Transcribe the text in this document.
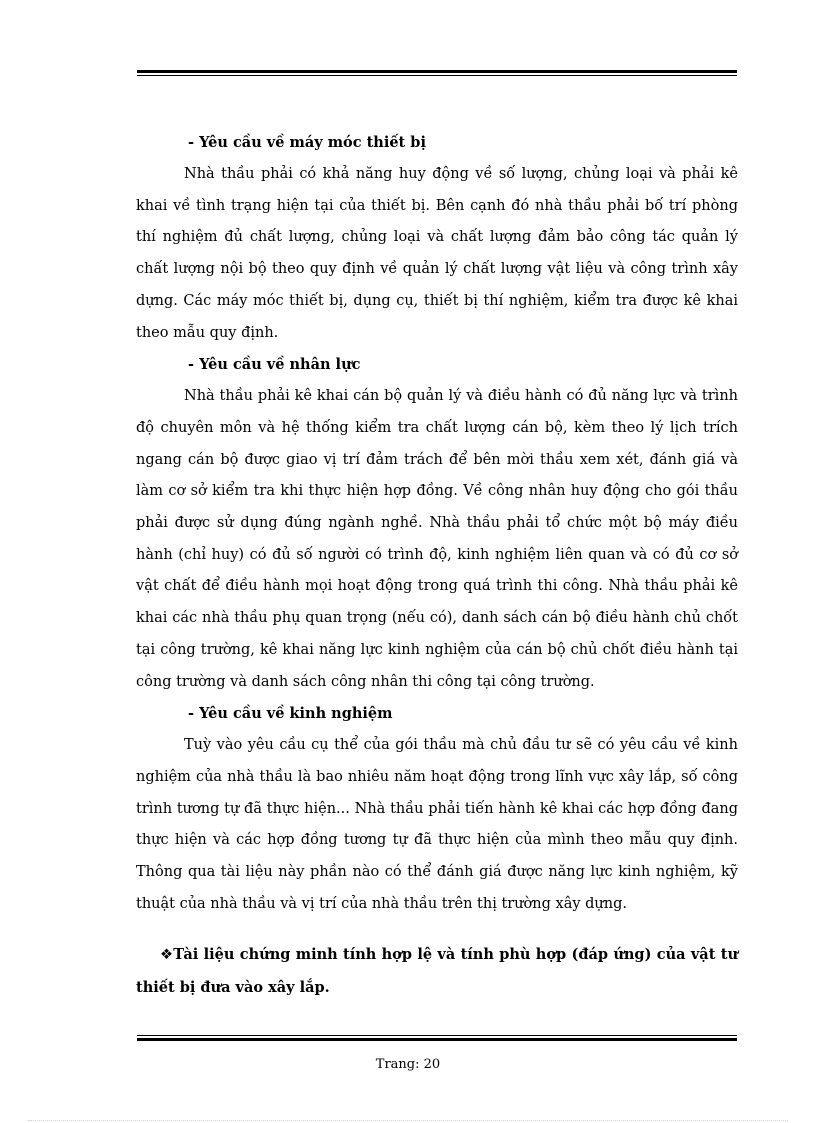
- Yêu cầu về máy móc thiết bị

Nhà thầu phải có khả năng huy động về số lượng, chủng loại và phải kê khai về tình trạng hiện tại của thiết bị. Bên cạnh đó nhà thầu phải bố trí phòng thí nghiệm đủ chất lượng, chủng loại và chất lượng đảm bảo công tác quản lý chất lượng nội bộ theo quy định về quản lý chất lượng vật liệu và công trình xây dựng. Các máy móc thiết bị, dụng cụ, thiết bị thí nghiệm, kiểm tra được kê khai theo mẫu quy định.

- Yêu cầu về nhân lực

Nhà thầu phải kê khai cán bộ quản lý và điều hành có đủ năng lực và trình độ chuyên môn và hệ thống kiểm tra chất lượng cán bộ, kèm theo lý lịch trích ngang cán bộ được giao vị trí đảm trách để bên mời thầu xem xét, đánh giá và làm cơ sở kiểm tra khi thực hiện hợp đồng. Về công nhân huy động cho gói thầu phải được sử dụng đúng ngành nghề. Nhà thầu phải tổ chức một bộ máy điều hành (chỉ huy) có đủ số người có trình độ, kinh nghiệm liên quan và có đủ cơ sở vật chất để điều hành mọi hoạt động trong quá trình thi công. Nhà thầu phải kê khai các nhà thầu phụ quan trọng (nếu có), danh sách cán bộ điều hành chủ chốt tại công trường, kê khai năng lực kinh nghiệm của cán bộ chủ chốt điều hành tại công trường và danh sách công nhân thi công tại công trường.

- Yêu cầu về kinh nghiệm

Tuỳ vào yêu cầu cụ thể của gói thầu mà chủ đầu tư sẽ có yêu cầu về kinh nghiệm của nhà thầu là bao nhiêu năm hoạt động trong lĩnh vực xây lắp, số công trình tương tự đã thực hiện... Nhà thầu phải tiến hành kê khai các hợp đồng đang thực hiện và các hợp đồng tương tự đã thực hiện của mình theo mẫu quy định. Thông qua tài liệu này phần nào có thể đánh giá được năng lực kinh nghiệm, kỹ thuật của nhà thầu và vị trí của nhà thầu trên thị trường xây dựng.

❖Tài liệu chứng minh tính hợp lệ và tính phù hợp (đáp ứng) của vật tư thiết bị đưa vào xây lắp.
Trang: 20
